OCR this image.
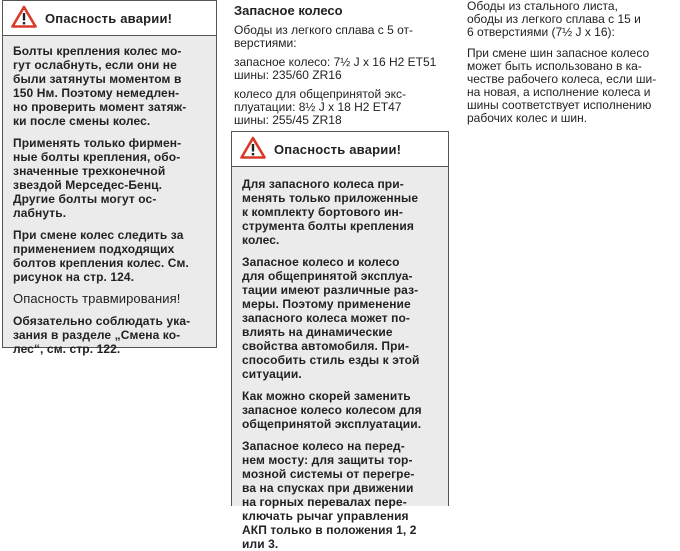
Опасность аварии!

Болты крепления колес мо-
гут ослабнуть, если они не
были затянуты моментом в
150 Нм. Поэтому немедлен-
но проверить момент затяж-
ки после смены колес.

Применять только фирмен-
ные болты крепления, обо-
значенные трехконечной
звездой Мерседес-Бенц.
Другие болты могут ос-
лабнуть.

При смене колес следить за
применением подходящих
болтов крепления колес. См.
рисунок на стр. 124.

Опасность травмирования!

Обязательно соблюдать ука-
зания в разделе „Смена ко-
лес“, см. стр. 122.

Запасное колесо

Ободы из легкого сплава с 5 от-
верстиями:

запасное колесо: 7½ J x 16 H2 ET51
шины: 235/60 ZR16

колесо для общепринятой экс-
плуатации: 8½ J x 18 H2 ET47
шины: 255/45 ZR18

Опасность аварии!

Для запасного колеса при-
менять только приложенные
к комплекту бортового ин-
струмента болты крепления
колес.

Запасное колесо и колесо
для общепринятой эксплуа-
тации имеют различные раз-
меры. Поэтому применение
запасного колеса может по-
влиять на динамические
свойства автомобиля. При-
способить стиль езды к этой
ситуации.

Как можно скорей заменить
запасное колесо колесом для
общепринятой эксплуатации.

Запасное колесо на перед-
нем мосту: для защиты тор-
мозной системы от перегре-
ва на спусках при движении
на горных перевалах пере-
ключать рычаг управления
АКП только в положения 1, 2
или 3.

Ободы из стального листа,
ободы из легкого сплава с 15 и
6 отверстиями (7½ J x 16):

При смене шин запасное колесо
может быть использовано в ка-
честве рабочего колеса, если ши-
на новая, а исполнение колеса и
шины соответствует исполнению
рабочих колес и шин.
